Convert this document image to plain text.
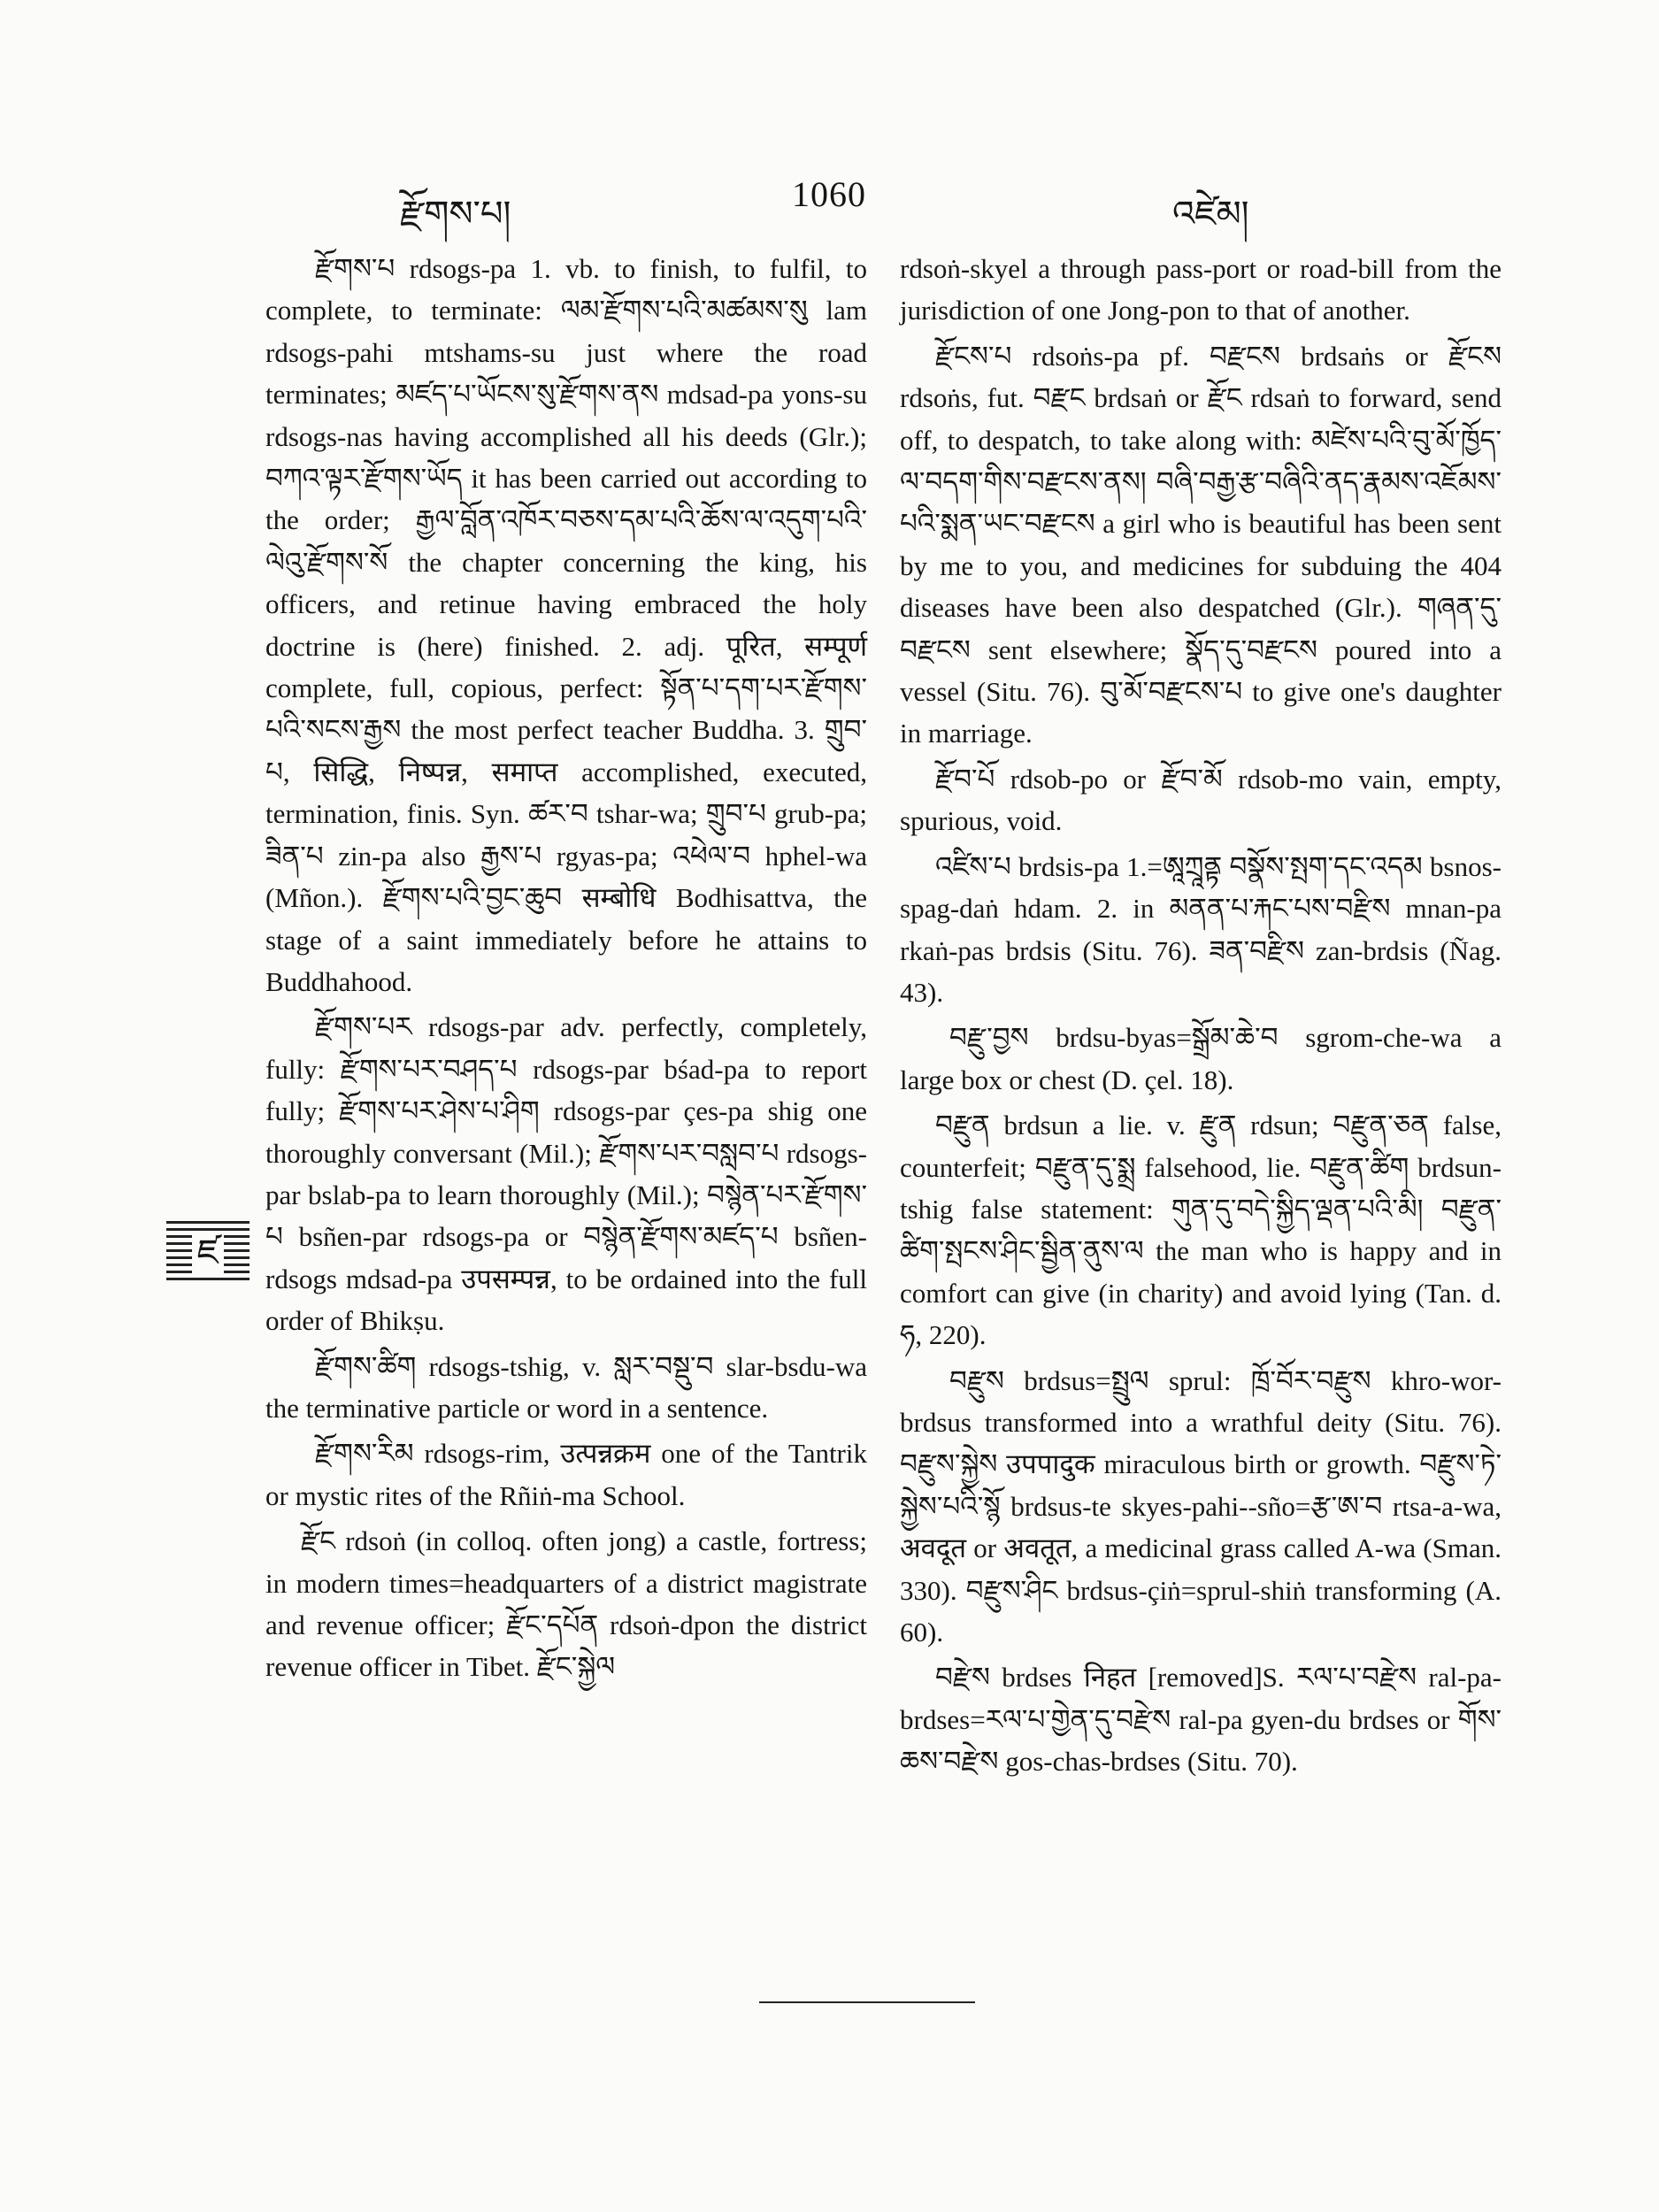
རྫོགས་པ།	1060	འཛེམ།
ཛ

རྫོགས་པ rdsogs-pa 1. vb. to finish, to fulfil, to complete, to terminate: ལམ་རྫོགས་པའི་མཚམས་སུ lam rdsogs-pahi mtshams-su just where the road terminates; མཛད་པ་ཡོངས་སུ་རྫོགས་ནས mdsad-pa yons-su rdsogs-nas having accomplished all his deeds (Glr.); བཀའ་ལྟར་རྫོགས་ཡོད it has been carried out according to the order; རྒྱལ་བློན་འཁོར་བཅས་དམ་པའི་ཆོས་ལ་འདུག་པའི་ལེའུ་རྫོགས་སོ the chapter concerning the king, his officers, and retinue having embraced the holy doctrine is (here) finished. 2. adj. पूरित, सम्पूर्ण complete, full, copious, perfect: སྟོན་པ་དག་པར་རྫོགས་པའི་སངས་རྒྱས the most perfect teacher Buddha. 3. གྲུབ་པ, सिद्धि, निष्पन्न, समाप्त accomplished, executed, termination, finis. Syn. ཚར་བ tshar-wa; གྲུབ་པ grub-pa; ཟིན་པ zin-pa also རྒྱས་པ rgyas-pa; འཕེལ་བ hphel-wa (Mñon.). རྫོགས་པའི་བྱང་ཆུབ सम्बोधि Bodhisattva, the stage of a saint immediately before he attains to Buddhahood.

རྫོགས་པར rdsogs-par adv. perfectly, completely, fully: རྫོགས་པར་བཤད་པ rdsogs-par bśad-pa to report fully; རྫོགས་པར་ཤེས་པ་ཤིག rdsogs-par çes-pa shig one thoroughly conversant (Mil.); རྫོགས་པར་བསླབ་པ rdsogs-par bslab-pa to learn thoroughly (Mil.); བསྙེན་པར་རྫོགས་པ bsñen-par rdsogs-pa or བསྙེན་རྫོགས་མཛད་པ bsñen-rdsogs mdsad-pa उपसम्पन्न, to be ordained into the full order of Bhikṣu.

རྫོགས་ཚིག rdsogs-tshig, v. སླར་བསྡུ་བ slar-bsdu-wa the terminative particle or word in a sentence.

རྫོགས་རིམ rdsogs-rim, उत्पन्नक्रम one of the Tantrik or mystic rites of the Rñiṅ-ma School.

རྫོང rdsoṅ (in colloq. often jong) a castle, fortress; in modern times=headquarters of a district magistrate and revenue officer; རྫོང་དཔོན rdsoṅ-dpon the district revenue officer in Tibet. རྫོང་སྐྱེལ

rdsoṅ-skyel a through pass-port or road-bill from the jurisdiction of one Jong-pon to that of another.

རྫོངས་པ rdsoṅs-pa pf. བརྫངས brdsaṅs or རྫོངས rdsoṅs, fut. བརྫང brdsaṅ or རྫོང rdsaṅ to forward, send off, to despatch, to take along with: མཛེས་པའི་བུ་མོ་ཁྱོད་ལ་བདག་གིས་བརྫངས་ནས། བཞི་བརྒྱ་རྩ་བཞིའི་ནད་རྣམས་འཇོམས་པའི་སྨན་ཡང་བརྫངས a girl who is beautiful has been sent by me to you, and medicines for subduing the 404 diseases have been also despatched (Glr.). གཞན་དུ་བརྫངས sent elsewhere; སྣོད་དུ་བརྫངས poured into a vessel (Situ. 76). བུ་མོ་བརྫངས་པ to give one's daughter in marriage.

རྫོབ་པོ rdsob-po or རྫོབ་མོ rdsob-mo vain, empty, spurious, void.

འཛིས་པ brdsis-pa 1.=ཨཱཀྲཱནྟ བསྣོས་སྤག་དང་འདམ bsnos-spag-daṅ hdam. 2. in མནན་པ་རྐང་པས་བརྫིས mnan-pa rkaṅ-pas brdsis (Situ. 76). ཟན་བརྫིས zan-brdsis (Ñag. 43).

བརྫུ་བྱས brdsu-byas=སྒྲོམ་ཆེ་བ sgrom-che-wa a large box or chest (D. çel. 18).

བརྫུན brdsun a lie. v. རྫུན rdsun; བརྫུན་ཅན false, counterfeit; བརྫུན་དུ་སྨྲ falsehood, lie. བརྫུན་ཚིག brdsun-tshig false statement: གུན་དུ་བདེ་སྐྱིད་ལྡན་པའི་མི། བརྫུན་ཚིག་སྤངས་ཤིང་སྦྱིན་ནུས་ལ the man who is happy and in comfort can give (in charity) and avoid lying (Tan. d. ཧ, 220).

བརྫུས brdsus=སྤྲུལ sprul: ཁྲོ་བོར་བརྫུས khro-wor-brdsus transformed into a wrathful deity (Situ. 76). བརྫུས་སྐྱེས उपपादुक miraculous birth or growth. བརྫུས་ཏེ་སྐྱེས་པའི་སྙོ brdsus-te skyes-pahi--sño=རྩ་ཨ་བ rtsa-a-wa, अवदूत or अवतूत, a medicinal grass called A-wa (Sman. 330). བརྫུས་ཤིང brdsus-çiṅ=sprul-shiṅ transforming (A. 60).

བརྫེས brdses निहत [removed]S. རལ་པ་བརྫེས ral-pa-brdses=རལ་པ་གྱེན་དུ་བརྫེས ral-pa gyen-du brdses or གོས་ཆས་བརྫེས gos-chas-brdses (Situ. 70).
